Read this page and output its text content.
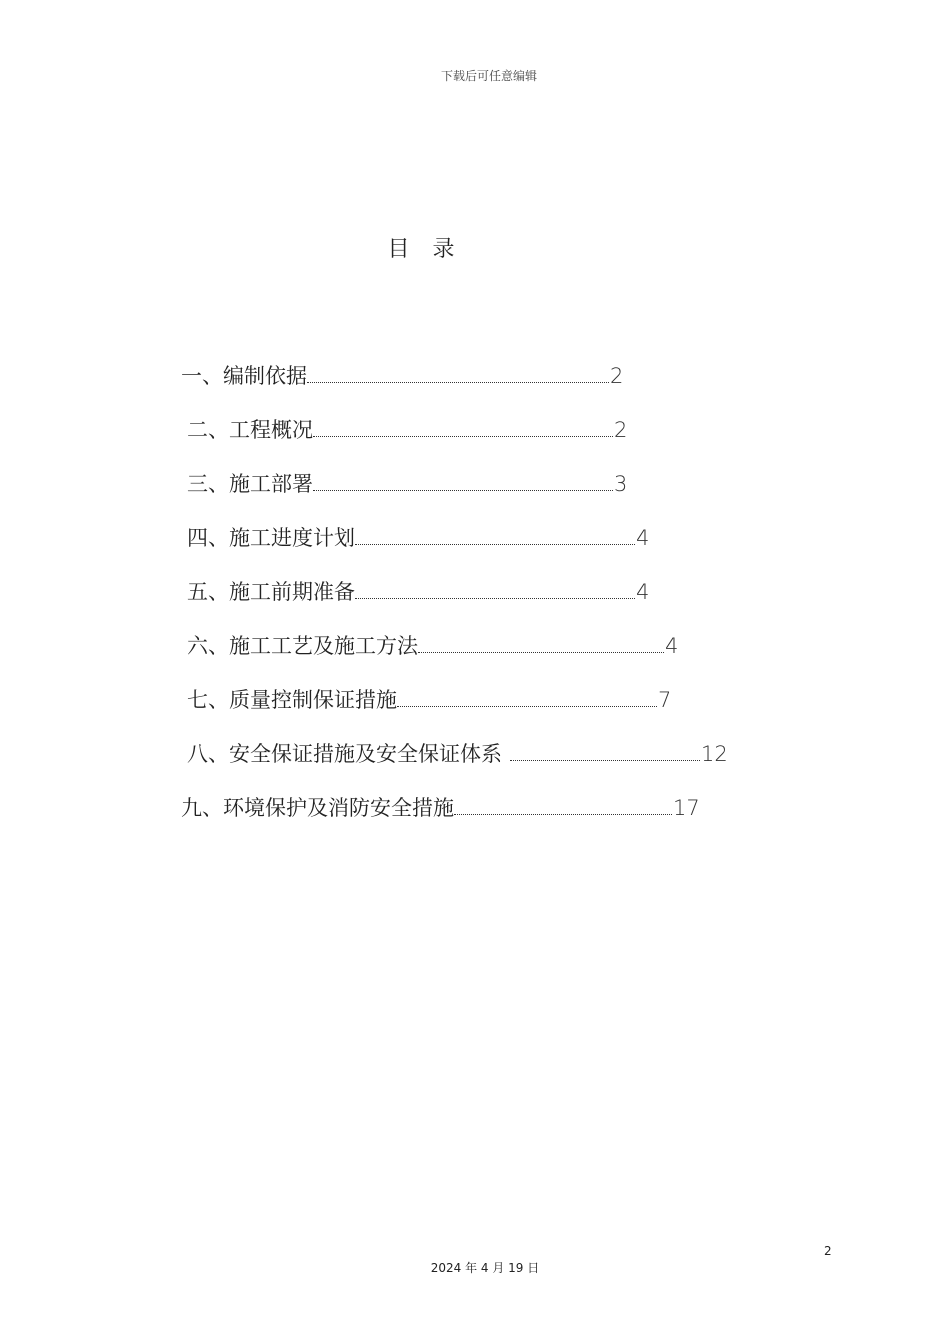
下载后可任意编辑
目 录
一、 编制依据	2
二、 工程概况	2
三、 施工部署	3
四、 施工进度计划	4
五、 施工前期准备	4
六、 施工工艺及施工方法	4
七、 质量控制保证措施	7
八、 安全保证措施及安全保证体系	12
九、 环境保护及消防安全措施	17
2
2024 年 4 月 19 日
